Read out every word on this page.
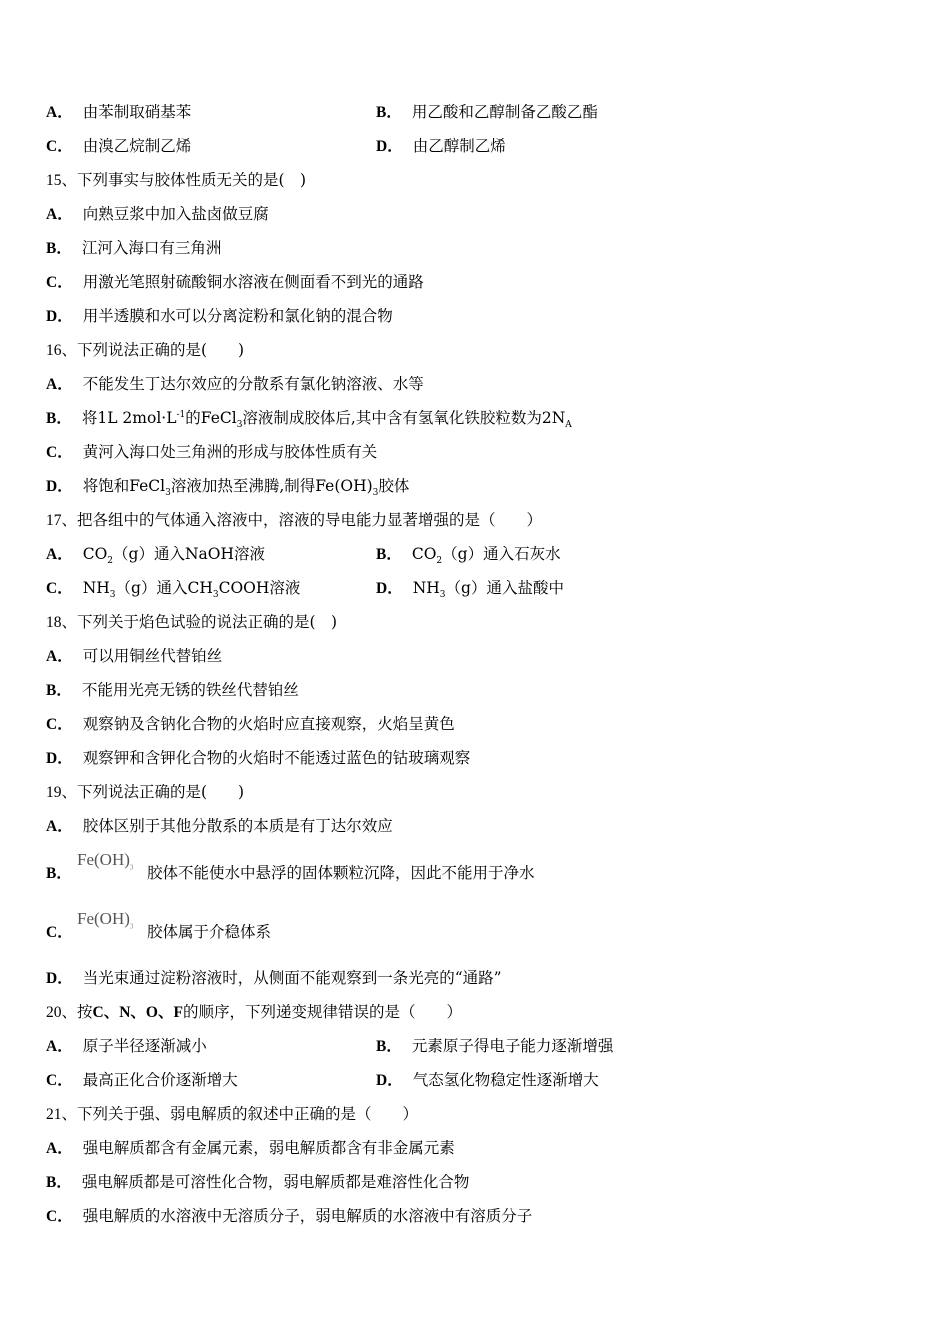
A． 由苯制取硝基苯	B． 用乙酸和乙醇制备乙酸乙酯
C． 由溴乙烷制乙烯	D． 由乙醇制乙烯
15、下列事实与胶体性质无关的是(　)
A． 向熟豆浆中加入盐卤做豆腐
B． 江河入海口有三角洲
C． 用激光笔照射硫酸铜水溶液在侧面看不到光的通路
D． 用半透膜和水可以分离淀粉和氯化钠的混合物
16、下列说法正确的是(　　)
A． 不能发生丁达尔效应的分散系有氯化钠溶液、水等
B． 将1L $2mol\cdot L^{-1}$的FeCl$_3$溶液制成胶体后,其中含有氢氧化铁胶粒数为$2N_A$
C． 黄河入海口处三角洲的形成与胶体性质有关
D． 将饱和FeCl$_3$溶液加热至沸腾,制得$Fe(OH)_3$胶体
17、把各组中的气体通入溶液中，溶液的导电能力显著增强的是（　　）
A． $CO_2(g)$通入NaOH溶液	B． $CO_2(g)$通入石灰水
C． $NH_3(g)$通入$CH_3COOH$溶液	D． $NH_3(g)$通入盐酸中
18、下列关于焰色试验的说法正确的是(　)
A． 可以用铜丝代替铂丝
B． 不能用光亮无锈的铁丝代替铂丝
C． 观察钠及含钠化合物的火焰时应直接观察，火焰呈黄色
D． 观察钾和含钾化合物的火焰时不能透过蓝色的钴玻璃观察
19、下列说法正确的是(　　)
A． 胶体区别于其他分散系的本质是有丁达尔效应
B．
$Fe(OH)_3$ 胶体不能使水中悬浮的固体颗粒沉降，因此不能用于净水
C．
$Fe(OH)_3$ 胶体属于介稳体系
D． 当光束通过淀粉溶液时，从侧面不能观察到一条光亮的“通路”
20、按C、N、O、F的顺序，下列递变规律错误的是（　　）
A． 原子半径逐渐减小	B． 元素原子得电子能力逐渐增强
C． 最高正化合价逐渐增大	D． 气态氢化物稳定性逐渐增大
21、下列关于强、弱电解质的叙述中正确的是（　　）
A． 强电解质都含有金属元素，弱电解质都含有非金属元素
B． 强电解质都是可溶性化合物，弱电解质都是难溶性化合物
C． 强电解质的水溶液中无溶质分子，弱电解质的水溶液中有溶质分子
